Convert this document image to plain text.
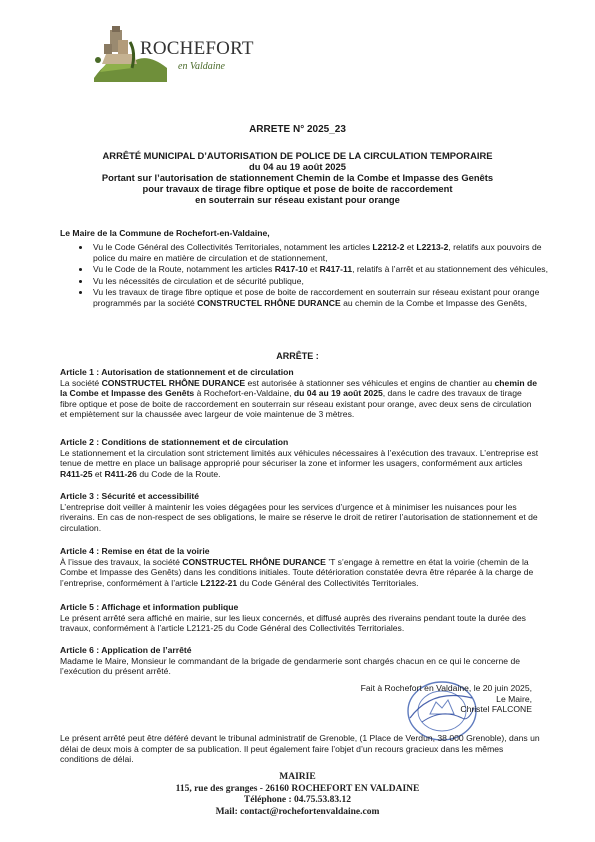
ROCHEFORT
en Valdaine
ARRETE N° 2025_23
ARRÊTÉ MUNICIPAL D’AUTORISATION DE POLICE DE LA CIRCULATION TEMPORAIRE
du 04 au 19 août 2025
Portant sur l’autorisation de stationnement Chemin de la Combe et Impasse des Genêts
pour travaux de tirage fibre optique et pose de boite de raccordement
en souterrain sur réseau existant pour orange
Le Maire de la Commune de Rochefort-en-Valdaine,
• Vu le Code Général des Collectivités Territoriales, notamment les articles L2212-2 et L2213-2, relatifs aux pouvoirs de police du maire en matière de circulation et de stationnement,
• Vu le Code de la Route, notamment les articles R417-10 et R417-11, relatifs à l’arrêt et au stationnement des véhicules,
• Vu les nécessités de circulation et de sécurité publique,
• Vu les travaux de tirage fibre optique et pose de boite de raccordement en souterrain sur réseau existant pour orange programmés par la société CONSTRUCTEL RHÔNE DURANCE au chemin de la Combe et Impasse des Genêts,
ARRÊTE :
Article 1 : Autorisation de stationnement et de circulation
La société CONSTRUCTEL RHÔNE DURANCE est autorisée à stationner ses véhicules et engins de chantier au chemin de la Combe et Impasse des Genêts à Rochefort-en-Valdaine, du 04 au 19 août 2025, dans le cadre des travaux de tirage fibre optique et pose de boite de raccordement en souterrain sur réseau existant pour orange, avec deux sens de circulation et empiètement sur la chaussée avec largeur de voie maintenue de 3 mètres.
Article 2 : Conditions de stationnement et de circulation
Le stationnement et la circulation sont strictement limités aux véhicules nécessaires à l’exécution des travaux. L’entreprise est tenue de mettre en place un balisage approprié pour sécuriser la zone et informer les usagers, conformément aux articles R411-25 et R411-26 du Code de la Route.
Article 3 : Sécurité et accessibilité
L’entreprise doit veiller à maintenir les voies dégagées pour les services d’urgence et à minimiser les nuisances pour les riverains. En cas de non-respect de ses obligations, le maire se réserve le droit de retirer l’autorisation de stationnement et de circulation.
Article 4 : Remise en état de la voirie
À l’issue des travaux, la société CONSTRUCTEL RHÔNE DURANCE ’T s’engage à remettre en état la voirie (chemin de la Combe et Impasse des Genêts) dans les conditions initiales. Toute détérioration constatée devra être réparée à la charge de l’entreprise, conformément à l’article L2122-21 du Code Général des Collectivités Territoriales.
Article 5 : Affichage et information publique
Le présent arrêté sera affiché en mairie, sur les lieux concernés, et diffusé auprès des riverains pendant toute la durée des travaux, conformément à l’article L2121-25 du Code Général des Collectivités Territoriales.
Article 6 : Application de l’arrêté
Madame le Maire, Monsieur le commandant de la brigade de gendarmerie sont chargés chacun en ce qui le concerne de l’exécution du présent arrêté.
Fait à Rochefort en Valdaine, le 20 juin 2025,
Le Maire,
Christel FALCONE
Le présent arrêté peut être déféré devant le tribunal administratif de Grenoble, (1 Place de Verdun, 38 000 Grenoble), dans un délai de deux mois à compter de sa publication. Il peut également faire l’objet d’un recours gracieux dans les mêmes conditions de délai.
MAIRIE
115, rue des granges - 26160 ROCHEFORT EN VALDAINE
Téléphone : 04.75.53.83.12
Mail: contact@rochefortenvaldaine.com
